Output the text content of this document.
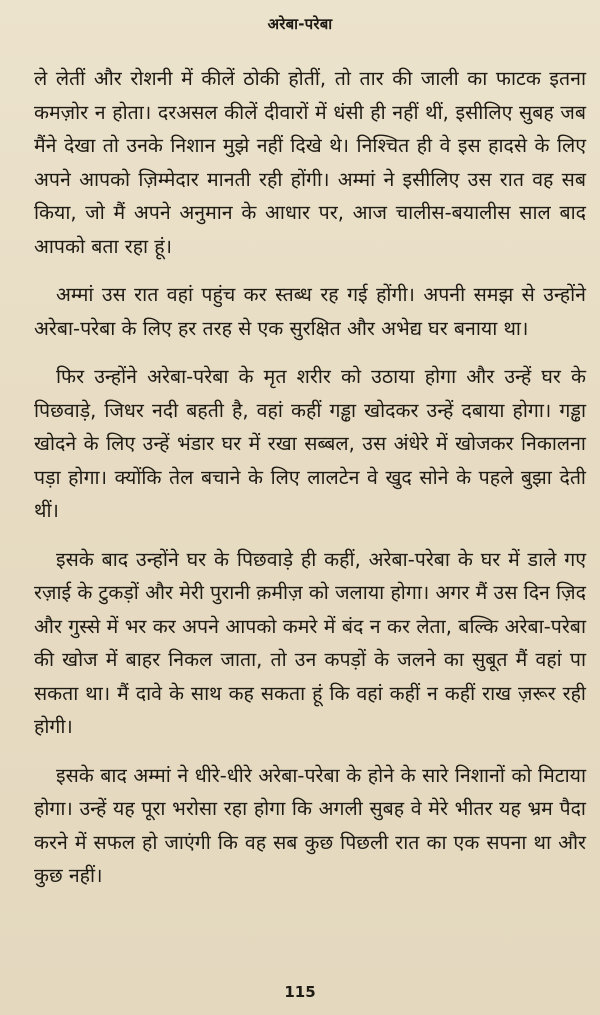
अरेबा-परेबा

ले लेतीं और रोशनी में कीलें ठोकी होतीं, तो तार की जाली का फाटक इतना कमज़ोर न होता। दरअसल कीलें दीवारों में धंसी ही नहीं थीं, इसीलिए सुबह जब मैंने देखा तो उनके निशान मुझे नहीं दिखे थे। निश्चित ही वे इस हादसे के लिए अपने आपको ज़िम्मेदार मानती रही होंगी। अम्मां ने इसीलिए उस रात वह सब किया, जो मैं अपने अनुमान के आधार पर, आज चालीस-बयालीस साल बाद आपको बता रहा हूं।

अम्मां उस रात वहां पहुंच कर स्तब्ध रह गई होंगी। अपनी समझ से उन्होंने अरेबा-परेबा के लिए हर तरह से एक सुरक्षित और अभेद्य घर बनाया था।

फिर उन्होंने अरेबा-परेबा के मृत शरीर को उठाया होगा और उन्हें घर के पिछवाड़े, जिधर नदी बहती है, वहां कहीं गड्ढा खोदकर उन्हें दबाया होगा। गड्ढा खोदने के लिए उन्हें भंडार घर में रखा सब्बल, उस अंधेरे में खोजकर निकालना पड़ा होगा। क्योंकि तेल बचाने के लिए लालटेन वे खुद सोने के पहले बुझा देती थीं।

इसके बाद उन्होंने घर के पिछवाड़े ही कहीं, अरेबा-परेबा के घर में डाले गए रज़ाई के टुकड़ों और मेरी पुरानी क़मीज़ को जलाया होगा। अगर मैं उस दिन ज़िद और गुस्से में भर कर अपने आपको कमरे में बंद न कर लेता, बल्कि अरेबा-परेबा की खोज में बाहर निकल जाता, तो उन कपड़ों के जलने का सुबूत मैं वहां पा सकता था। मैं दावे के साथ कह सकता हूं कि वहां कहीं न कहीं राख ज़रूर रही होगी।

इसके बाद अम्मां ने धीरे-धीरे अरेबा-परेबा के होने के सारे निशानों को मिटाया होगा। उन्हें यह पूरा भरोसा रहा होगा कि अगली सुबह वे मेरे भीतर यह भ्रम पैदा करने में सफल हो जाएंगी कि वह सब कुछ पिछली रात का एक सपना था और कुछ नहीं।

115
